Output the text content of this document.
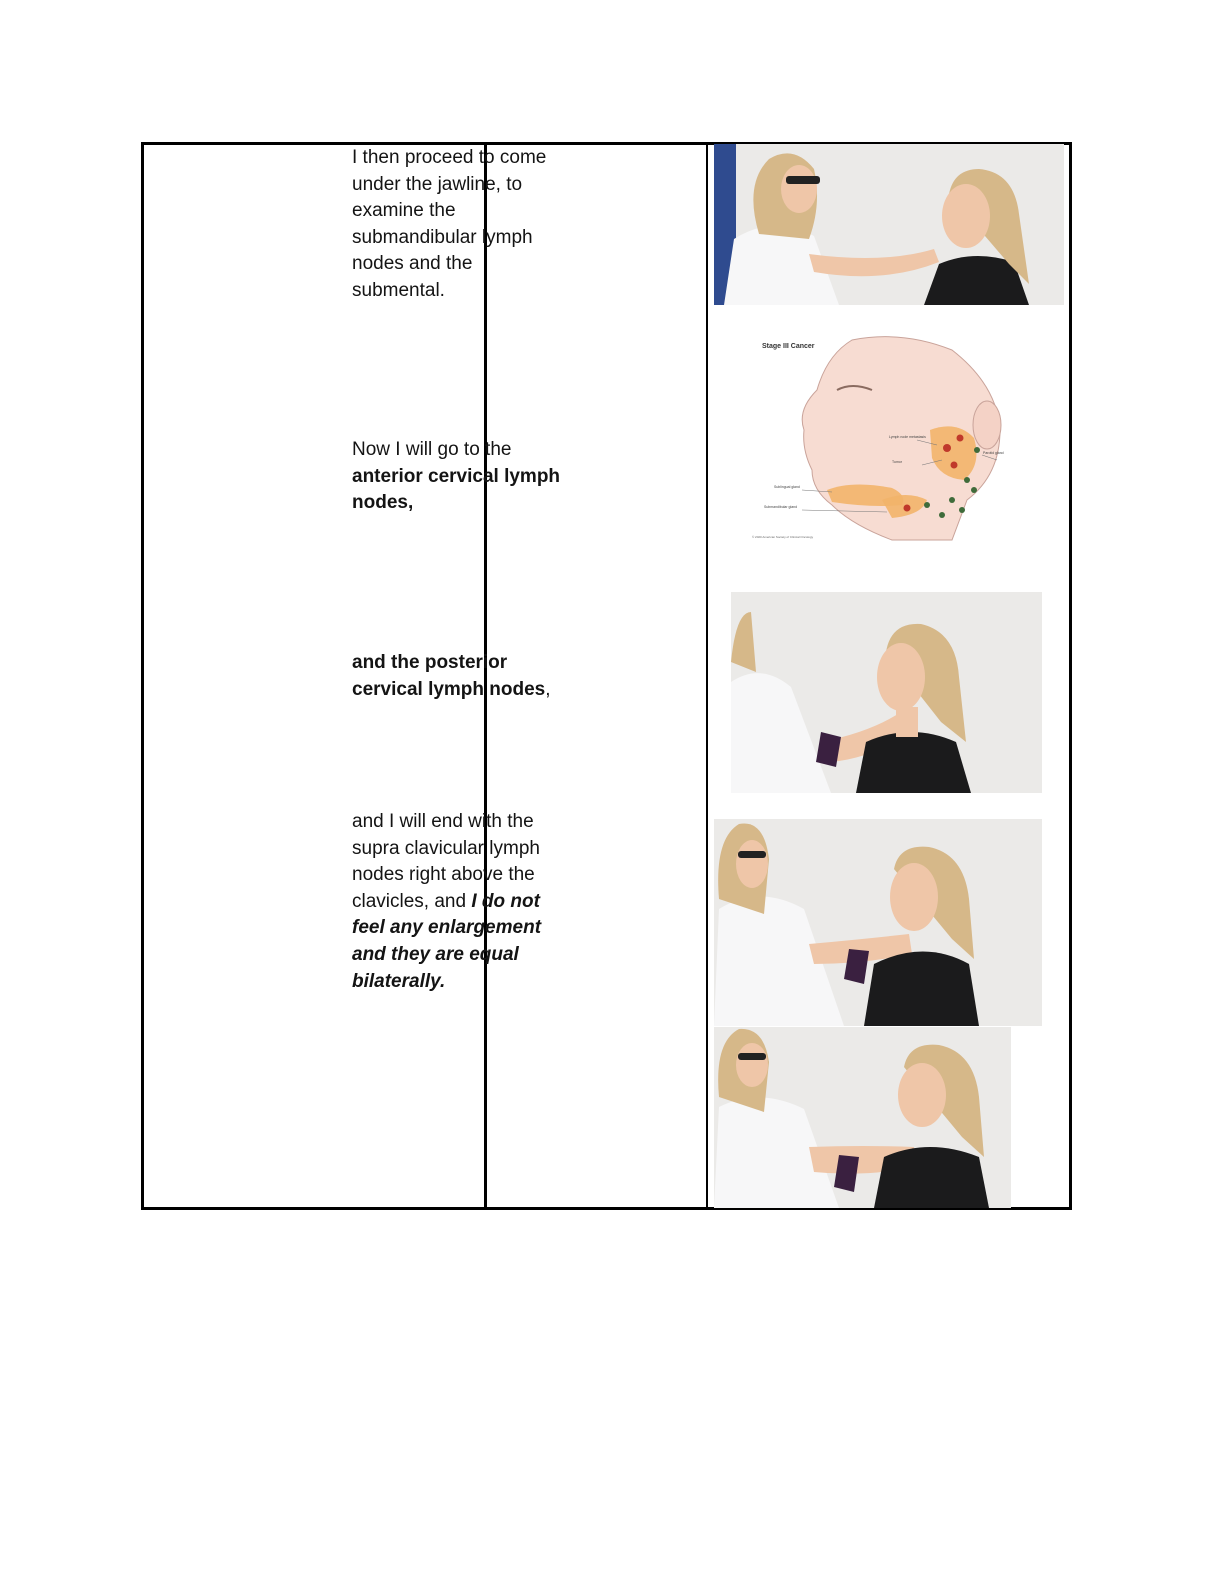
I then proceed to come under the jawline, to examine the submandibular lymph nodes and the submental.
Now I will go to the anterior cervical lymph nodes,
and the posterior cervical lymph nodes,
and I will end with the supra clavicular lymph nodes right above the clavicles, and I do not feel any enlargement and they are equal bilaterally.
Stage III Cancer
Lymph node metastasis
Tumor
Parotid gland
Sublingual gland
Submandibular gland
© 2020 American Society of Clinical Oncology
